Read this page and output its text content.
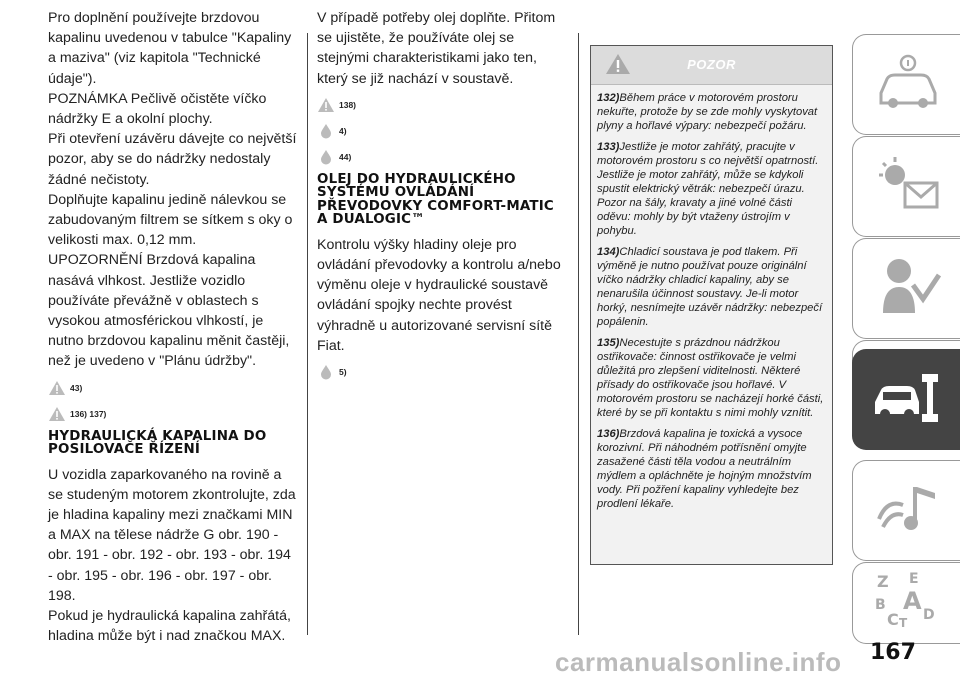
Pro doplnění používejte brzdovou kapalinu uvedenou v tabulce "Kapaliny a maziva" (viz kapitola "Technické údaje").

POZNÁMKA Pečlivě očistěte víčko nádržky E a okolní plochy.

Při otevření uzávěru dávejte co největší pozor, aby se do nádržky nedostaly žádné nečistoty.

Doplňujte kapalinu jedině nálevkou se zabudovaným filtrem se sítkem s oky o velikosti max. 0,12 mm.

UPOZORNĚNÍ Brzdová kapalina nasává vlhkost. Jestliže vozidlo používáte převážně v oblastech s vysokou atmosférickou vlhkostí, je nutno brzdovou kapalinu měnit častěji, než je uvedeno v "Plánu údržby".

43)
136) 137)
HYDRAULICKÁ KAPALINA DO POSILOVAČE ŘÍZENÍ

U vozidla zaparkovaného na rovině a se studeným motorem zkontrolujte, zda je hladina kapaliny mezi značkami MIN a MAX na tělese nádrže G obr. 190 - obr. 191 - obr. 192 - obr. 193 - obr. 194 - obr. 195 - obr. 196 - obr. 197 - obr. 198.

Pokud je hydraulická kapalina zahřátá, hladina může být i nad značkou MAX.

V případě potřeby olej doplňte. Přitom se ujistěte, že používáte olej se stejnými charakteristikami jako ten, který se již nachází v soustavě.

138)
4)
44)
OLEJ DO HYDRAULICKÉHO SYSTÉMU OVLÁDÁNÍ PŘEVODOVKY COMFORT-MATIC A DUALOGIC™

Kontrolu výšky hladiny oleje pro ovládání převodovky a kontrolu a/nebo výměnu oleje v hydraulické soustavě ovládání spojky nechte provést výhradně u autorizované servisní sítě Fiat.

5)
POZOR

132)Během práce v motorovém prostoru nekuřte, protože by se zde mohly vyskytovat plyny a hořlavé výpary: nebezpečí požáru.

133)Jestliže je motor zahřátý, pracujte v motorovém prostoru s co největší opatrností. Jestliže je motor zahřátý, může se kdykoli spustit elektrický větrák: nebezpečí úrazu. Pozor na šály, kravaty a jiné volné části oděvu: mohly by být vtaženy ústrojím v pohybu.

134)Chladicí soustava je pod tlakem. Při výměně je nutno používat pouze originální víčko nádržky chladicí kapaliny, aby se nenarušila účinnost soustavy. Je-li motor horký, nesnímejte uzávěr nádržky: nebezpečí popálenin.

135)Necestujte s prázdnou nádržkou ostřikovače: činnost ostřikovače je velmi důležitá pro zlepšení viditelnosti. Některé přísady do ostřikovače jsou hořlavé. V motorovém prostoru se nacházejí horké části, které by se při kontaktu s nimi mohly vznítit.

136)Brzdová kapalina je toxická a vysoce korozivní. Při náhodném potřísnění omyjte zasažené části těla vodou a neutrálním mýdlem a opláchněte je hojným množstvím vody. Při požření kapaliny vyhledejte bez prodlení lékaře.

Z E
B A
C T D
carmanualsonline.info 167
